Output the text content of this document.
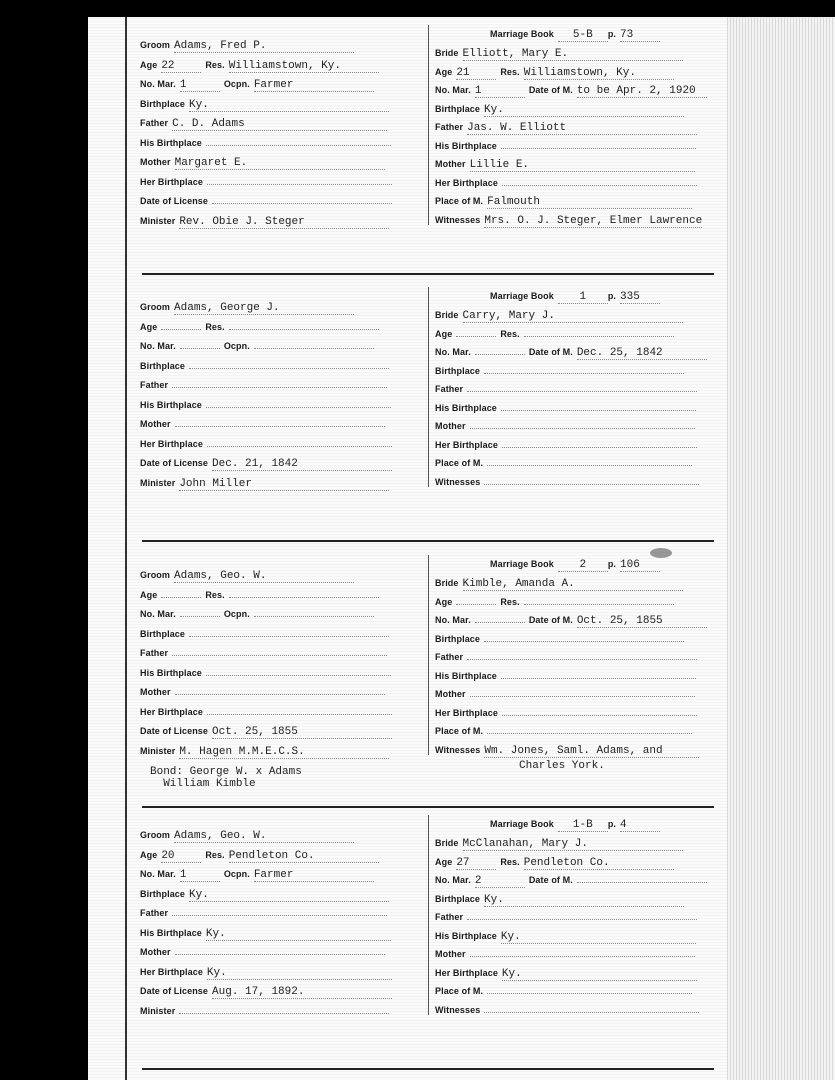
Groom Adams, Fred P.
Age 22	Res. Williamstown, Ky.
No. Mar. 1	Ocpn. Farmer
Birthplace Ky.
Father C. D. Adams
His Birthplace
Mother Margaret E.
Her Birthplace
Date of License
Minister Rev. Obie J. Steger
Marriage Book 5-B p. 73
Bride Elliott, Mary E.
Age 21	Res. Williamstown, Ky.
No. Mar. 1	Date of M. to be Apr. 2, 1920
Birthplace Ky.
Father Jas. W. Elliott
His Birthplace
Mother Lillie E.
Her Birthplace
Place of M. Falmouth
Witnesses Mrs. O. J. Steger, Elmer Lawrence
Groom Adams, George J.
Age	Res.
No. Mar.	Ocpn.
Birthplace
Father
His Birthplace
Mother
Her Birthplace
Date of License Dec. 21, 1842
Minister John Miller
Marriage Book 1 p. 335
Bride Carry, Mary J.
Age	Res.
No. Mar.	Date of M. Dec. 25, 1842
Birthplace
Father
His Birthplace
Mother
Her Birthplace
Place of M.
Witnesses
Groom Adams, Geo. W.
Age	Res.
No. Mar.	Ocpn.
Birthplace
Father
His Birthplace
Mother
Her Birthplace
Date of License Oct. 25, 1855
Minister M. Hagen M.M.E.C.S.
Marriage Book 2 p. 106
Bride Kimble, Amanda A.
Age	Res.
No. Mar.	Date of M. Oct. 25, 1855
Birthplace
Father
His Birthplace
Mother
Her Birthplace
Place of M.
Witnesses Wm. Jones, Saml. Adams, and
Charles York.
Bond: George W. x Adams
William Kimble
Groom Adams, Geo. W.
Age 20	Res. Pendleton Co.
No. Mar. 1	Ocpn. Farmer
Birthplace Ky.
Father
His Birthplace Ky.
Mother
Her Birthplace Ky.
Date of License Aug. 17, 1892.
Minister
Marriage Book 1-B p. 4
Bride McClanahan, Mary J.
Age 27	Res. Pendleton Co.
No. Mar. 2	Date of M.
Birthplace Ky.
Father
His Birthplace Ky.
Mother
Her Birthplace Ky.
Place of M.
Witnesses
